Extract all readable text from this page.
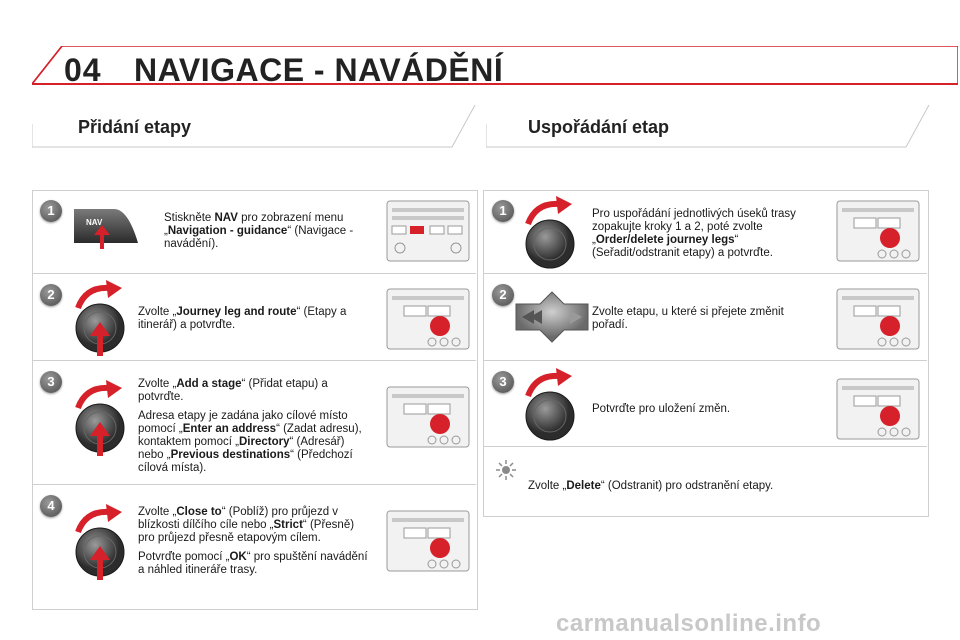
04 NAVIGACE - NAVÁDĚNÍ
Přidání etapy	Uspořádání etap
1
2
3
4
1
2
3
NAV	Stiskněte NAV pro zobrazení menu „Navigation - guidance“ (Navigace - navádění).

Zvolte „Journey leg and route“ (Etapy a itinerář) a potvrďte.

Zvolte „Add a stage“ (Přidat etapu) a potvrďte.

Adresa etapy je zadána jako cílové místo pomocí „Enter an address“ (Zadat adresu), kontaktem pomocí „Directory“ (Adresář) nebo „Previous destinations“ (Předchozí cílová místa).

Zvolte „Close to“ (Poblíž) pro průjezd v blízkosti dílčího cíle nebo „Strict“ (Přesně) pro průjezd přesně etapovým cílem.

Potvrďte pomocí „OK“ pro spuštění navádění a náhled itineráře trasy.

Pro uspořádání jednotlivých úseků trasy zopakujte kroky 1 a 2, poté zvolte „Order/delete journey legs“ (Seřadit/odstranit etapy) a potvrďte.

Zvolte etapu, u které si přejete změnit pořadí.

Potvrďte pro uložení změn.

Zvolte „Delete“ (Odstranit) pro odstranění etapy.

carmanualsonline.info
